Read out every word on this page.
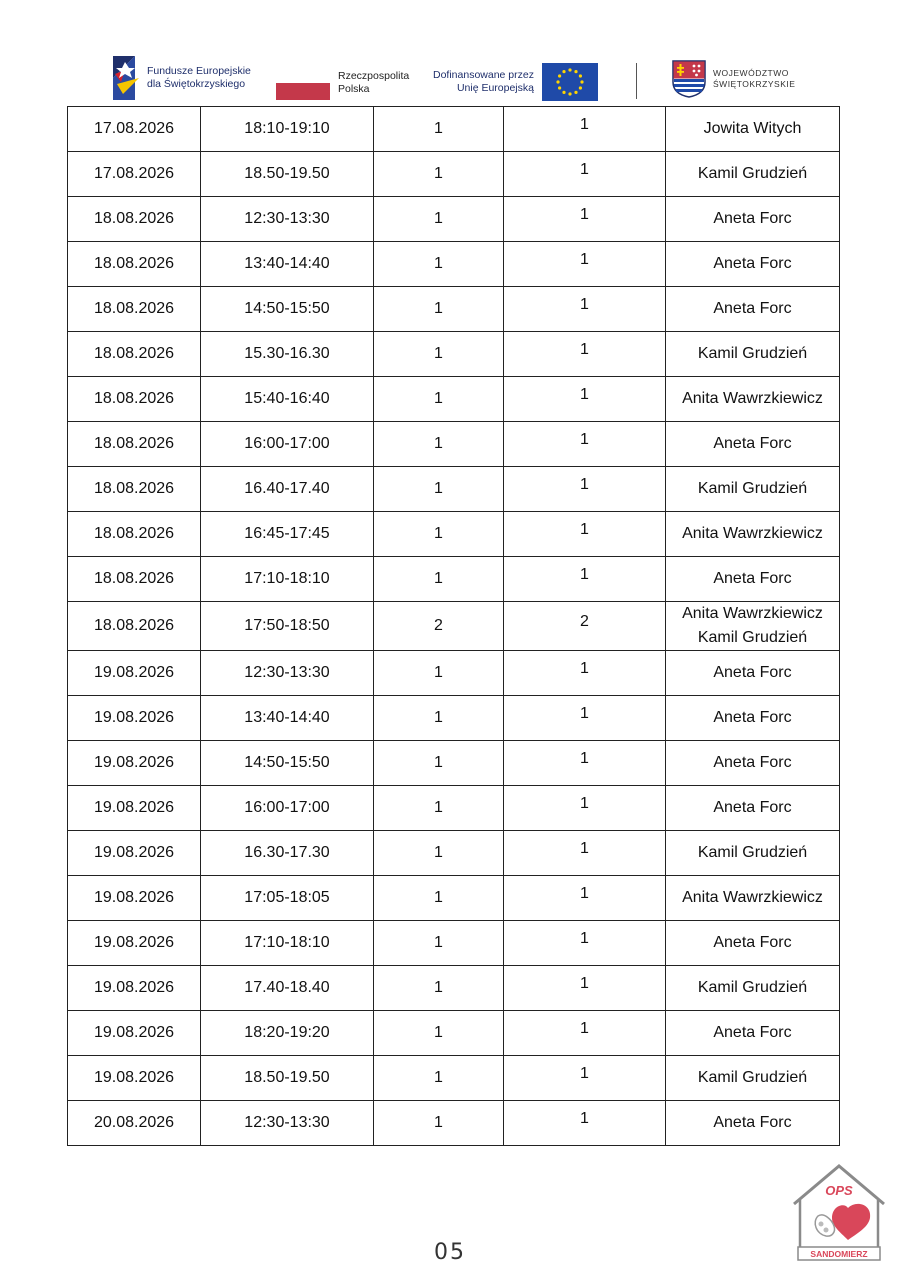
Fundusze Europejskie
dla Świętokrzyskiego
Rzeczpospolita
Polska
Dofinansowane przez
Unię Europejską
WOJEWÓDZTWO
ŚWIĘTOKRZYSKIE
17.08.2026	18:10-19:10	1	1	Jowita Witych

17.08.2026	18.50-19.50	1	1	Kamil Grudzień

18.08.2026	12:30-13:30	1	1	Aneta Forc

18.08.2026	13:40-14:40	1	1	Aneta Forc

18.08.2026	14:50-15:50	1	1	Aneta Forc

18.08.2026	15.30-16.30	1	1	Kamil Grudzień

18.08.2026	15:40-16:40	1	1	Anita Wawrzkiewicz

18.08.2026	16:00-17:00	1	1	Aneta Forc

18.08.2026	16.40-17.40	1	1	Kamil Grudzień

18.08.2026	16:45-17:45	1	1	Anita Wawrzkiewicz

18.08.2026	17:10-18:10	1	1	Aneta Forc

18.08.2026	17:50-18:50	2	2	Anita Wawrzkiewicz
Kamil Grudzień

19.08.2026	12:30-13:30	1	1	Aneta Forc

19.08.2026	13:40-14:40	1	1	Aneta Forc

19.08.2026	14:50-15:50	1	1	Aneta Forc

19.08.2026	16:00-17:00	1	1	Aneta Forc

19.08.2026	16.30-17.30	1	1	Kamil Grudzień

19.08.2026	17:05-18:05	1	1	Anita Wawrzkiewicz

19.08.2026	17:10-18:10	1	1	Aneta Forc

19.08.2026	17.40-18.40	1	1	Kamil Grudzień

19.08.2026	18:20-19:20	1	1	Aneta Forc

19.08.2026	18.50-19.50	1	1	Kamil Grudzień

20.08.2026	12:30-13:30	1	1	Aneta Forc
05
OPS
SANDOMIERZ
